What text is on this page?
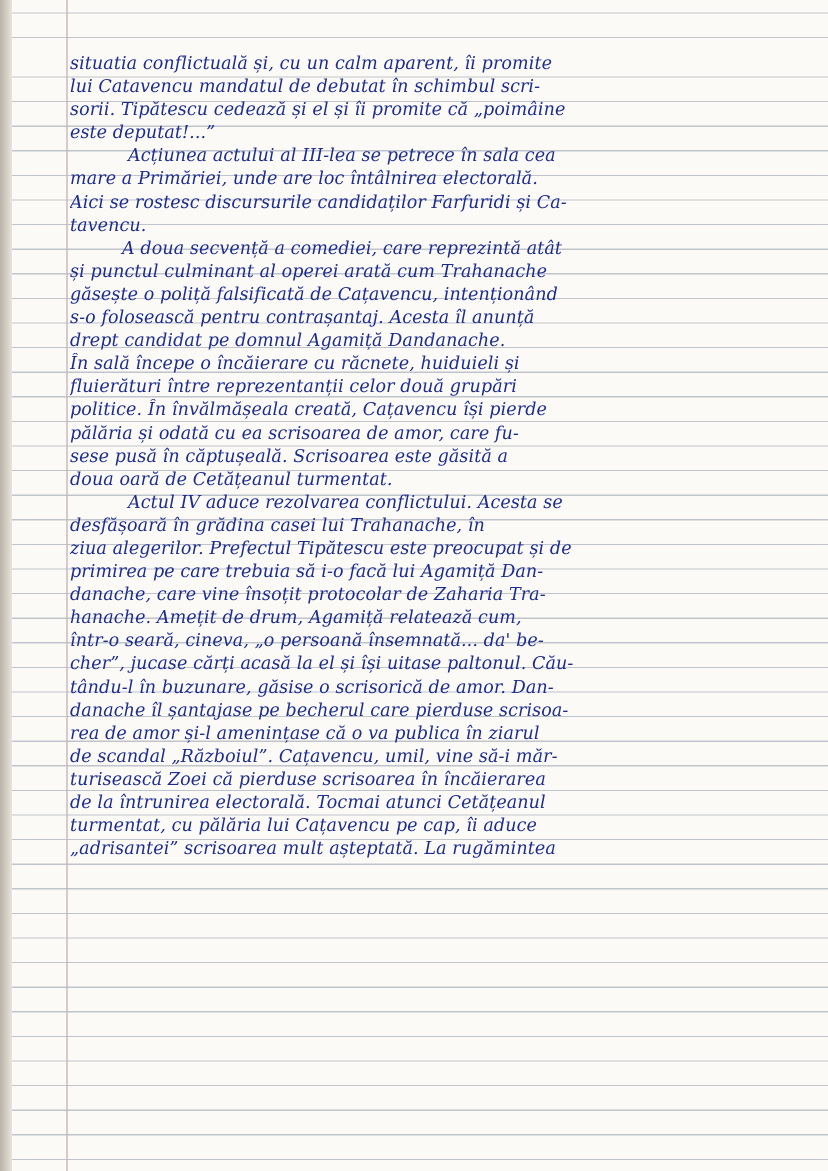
situatia conflictuală și, cu un calm aparent, îi promite
lui Catavencu mandatul de debutat în schimbul scri-
sorii. Tipătescu cedează și el și îi promite că „poimâine
este deputat!...”
Acțiunea actului al III-lea se petrece în sala cea
mare a Primăriei, unde are loc întâlnirea electorală.
Aici se rostesc discursurile candidaților Farfuridi și Ca-
tavencu.
A doua secvență a comediei, care reprezintă atât
și punctul culminant al operei arată cum Trahanache
găsește o poliță falsificată de Cațavencu, intenționând
s-o folosească pentru contrașantaj. Acesta îl anunță
drept candidat pe domnul Agamiță Dandanache.
În sală începe o încăierare cu răcnete, huiduieli și
fluierături între reprezentanții celor două grupări
politice. În învălmășeala creată, Cațavencu își pierde
pălăria și odată cu ea scrisoarea de amor, care fu-
sese pusă în căptușeală. Scrisoarea este găsită a
doua oară de Cetățeanul turmentat.
Actul IV aduce rezolvarea conflictului. Acesta se
desfășoară în grădina casei lui Trahanache, în
ziua alegerilor. Prefectul Tipătescu este preocupat și de
primirea pe care trebuia să i-o facă lui Agamiță Dan-
danache, care vine însoțit protocolar de Zaharia Tra-
hanache. Amețit de drum, Agamiță relatează cum,
într-o seară, cineva, „o persoană însemnată... da' be-
cher”, jucase cărți acasă la el și își uitase paltonul. Cău-
tându-l în buzunare, găsise o scrisorică de amor. Dan-
danache îl șantajase pe becherul care pierduse scrisoa-
rea de amor și-l amenințase că o va publica în ziarul
de scandal „Războiul”. Cațavencu, umil, vine să-i măr-
turisească Zoei că pierduse scrisoarea în încăierarea
de la întrunirea electorală. Tocmai atunci Cetățeanul
turmentat, cu pălăria lui Cațavencu pe cap, îi aduce
„adrisantei” scrisoarea mult așteptată. La rugămintea
